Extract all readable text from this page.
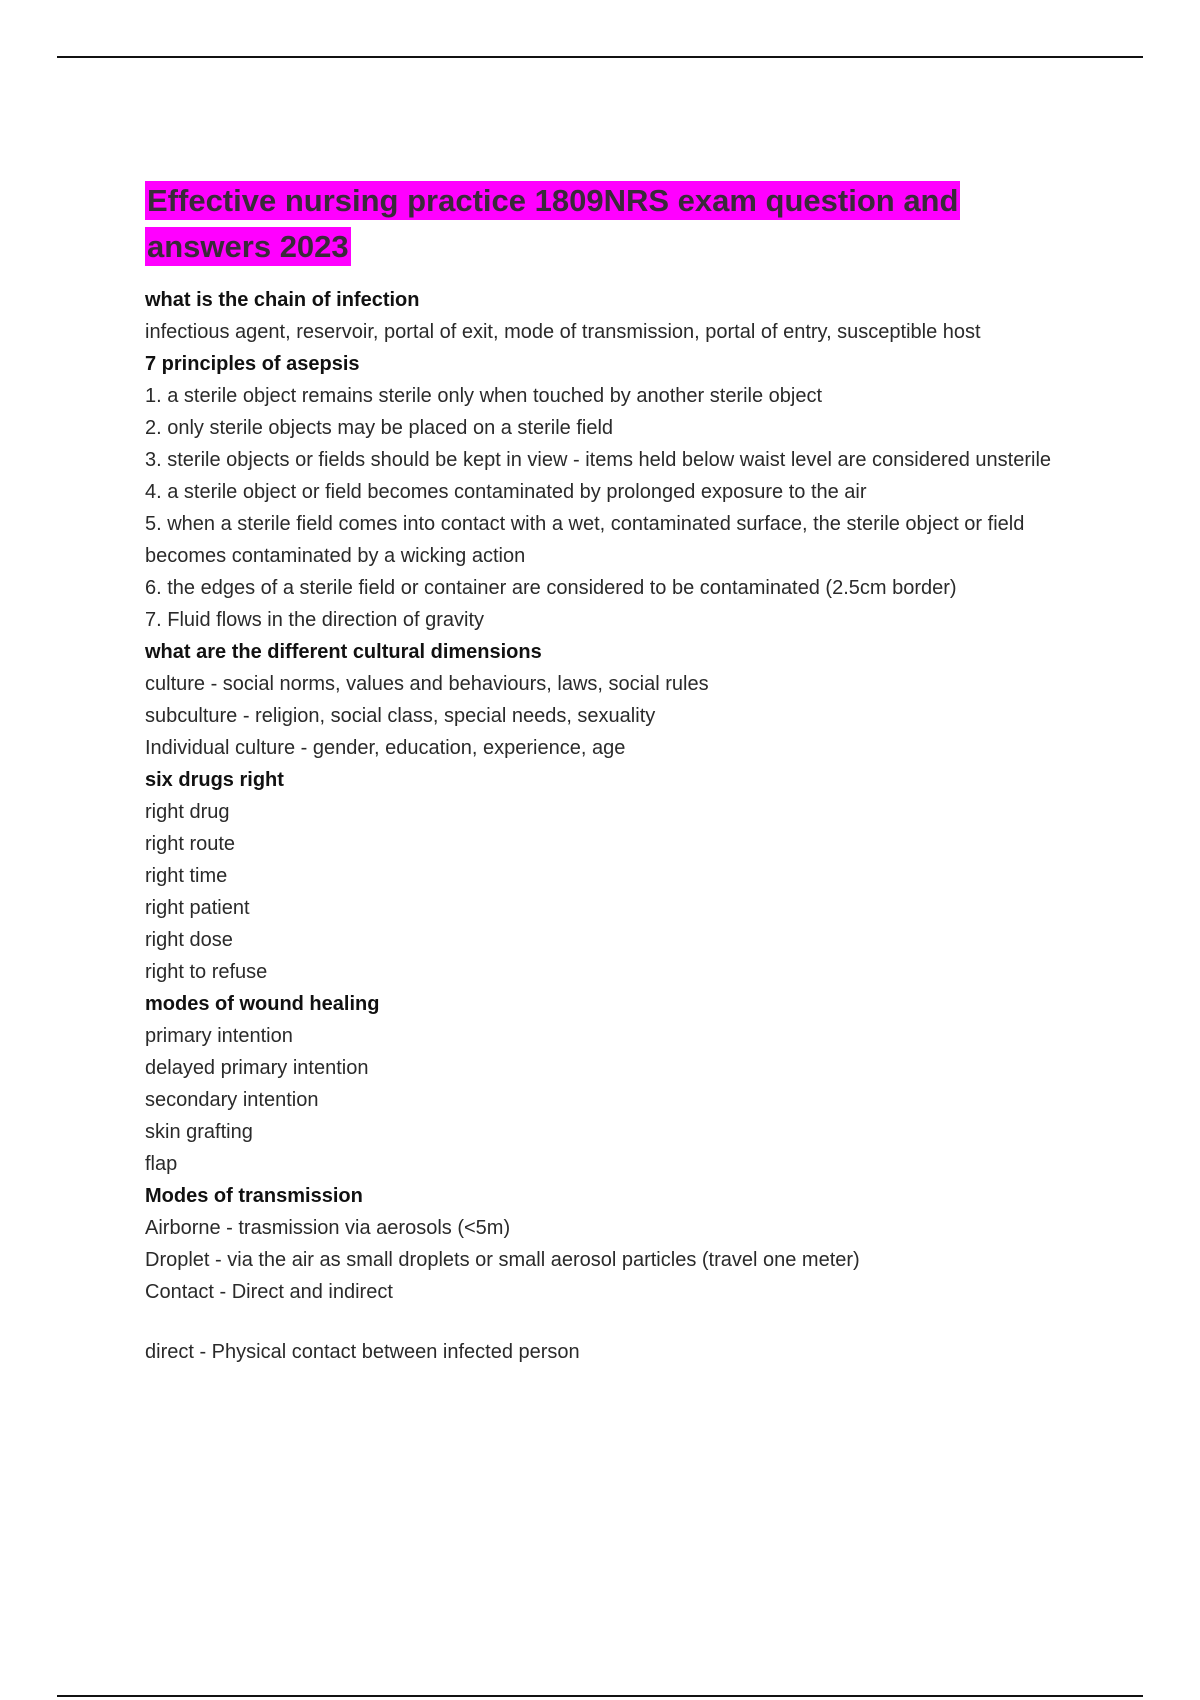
Effective nursing practice 1809NRS exam question and answers 2023
what is the chain of infection
infectious agent, reservoir, portal of exit, mode of transmission, portal of entry, susceptible host
7 principles of asepsis
1. a sterile object remains sterile only when touched by another sterile object
2. only sterile objects may be placed on a sterile field
3. sterile objects or fields should be kept in view - items held below waist level are considered unsterile
4. a sterile object or field becomes contaminated by prolonged exposure to the air
5. when a sterile field comes into contact with a wet, contaminated surface, the sterile object or field becomes contaminated by a wicking action
6. the edges of a sterile field or container are considered to be contaminated (2.5cm border)
7. Fluid flows in the direction of gravity
what are the different cultural dimensions
culture - social norms, values and behaviours, laws, social rules
subculture - religion, social class, special needs, sexuality
Individual culture - gender, education, experience, age
six drugs right
right drug
right route
right time
right patient
right dose
right to refuse
modes of wound healing
primary intention
delayed primary intention
secondary intention
skin grafting
flap
Modes of transmission
Airborne - trasmission via aerosols (<5m)
Droplet - via the air as small droplets or small aerosol particles (travel one meter)
Contact - Direct and indirect
direct - Physical contact between infected person
